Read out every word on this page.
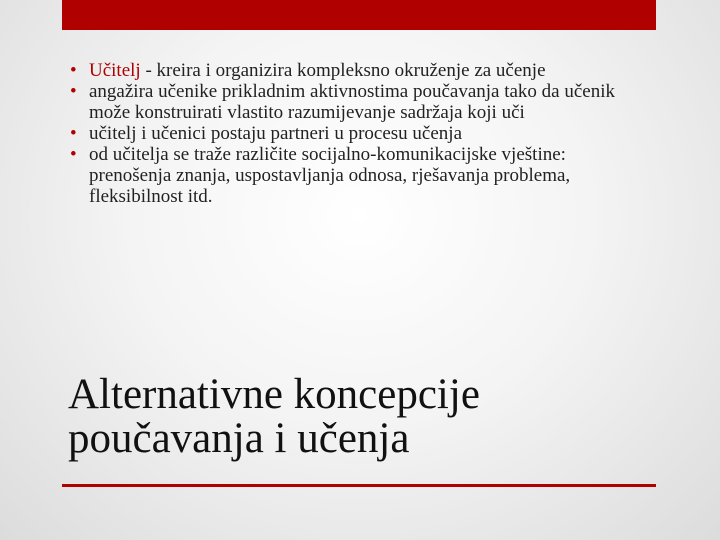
• Učitelj - kreira i organizira kompleksno okruženje za učenje
• angažira učenike prikladnim aktivnostima poučavanja tako da učenik može konstruirati vlastito razumijevanje sadržaja koji uči
• učitelj i učenici postaju partneri u procesu učenja
• od učitelja se traže različite socijalno-komunikacijske vještine: prenošenja znanja, uspostavljanja odnosa, rješavanja problema, fleksibilnost itd.
Alternativne koncepcije
poučavanja i učenja
